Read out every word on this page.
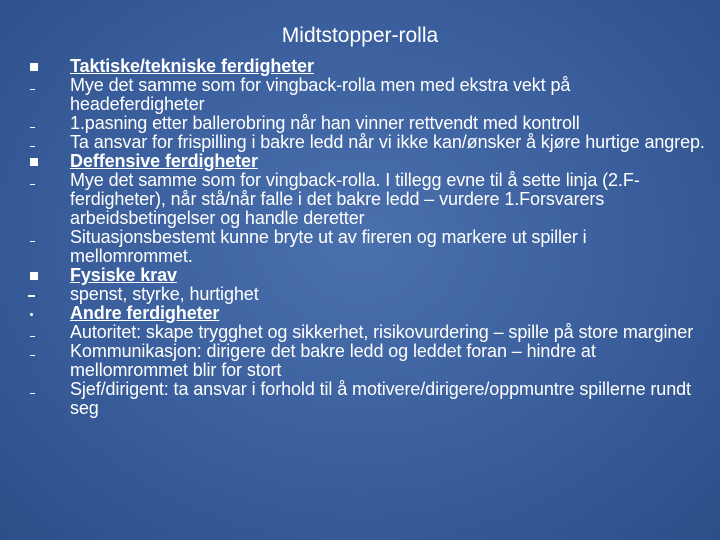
Midtstopper-rolla
Taktiske/tekniske ferdigheter
Mye det samme som for vingback-rolla men med ekstra vekt på headeferdigheter
1.pasning etter ballerobring når han vinner rettvendt med kontroll
Ta ansvar for frispilling i bakre ledd når vi ikke kan/ønsker å kjøre hurtige angrep.
Deffensive ferdigheter
Mye det samme som for vingback-rolla. I tillegg evne til å sette linja (2.F-ferdigheter), når stå/når falle i det bakre ledd – vurdere 1.Forsvarers arbeidsbetingelser og handle deretter
Situasjonsbestemt kunne bryte ut av fireren og markere ut spiller i mellomrommet.
Fysiske krav
spenst, styrke, hurtighet
Andre ferdigheter
Autoritet: skape trygghet og sikkerhet, risikovurdering – spille på store marginer
Kommunikasjon: dirigere det bakre ledd og leddet foran – hindre at mellomrommet blir for stort
Sjef/dirigent: ta ansvar i forhold til å motivere/dirigere/oppmuntre spillerne rundt seg
